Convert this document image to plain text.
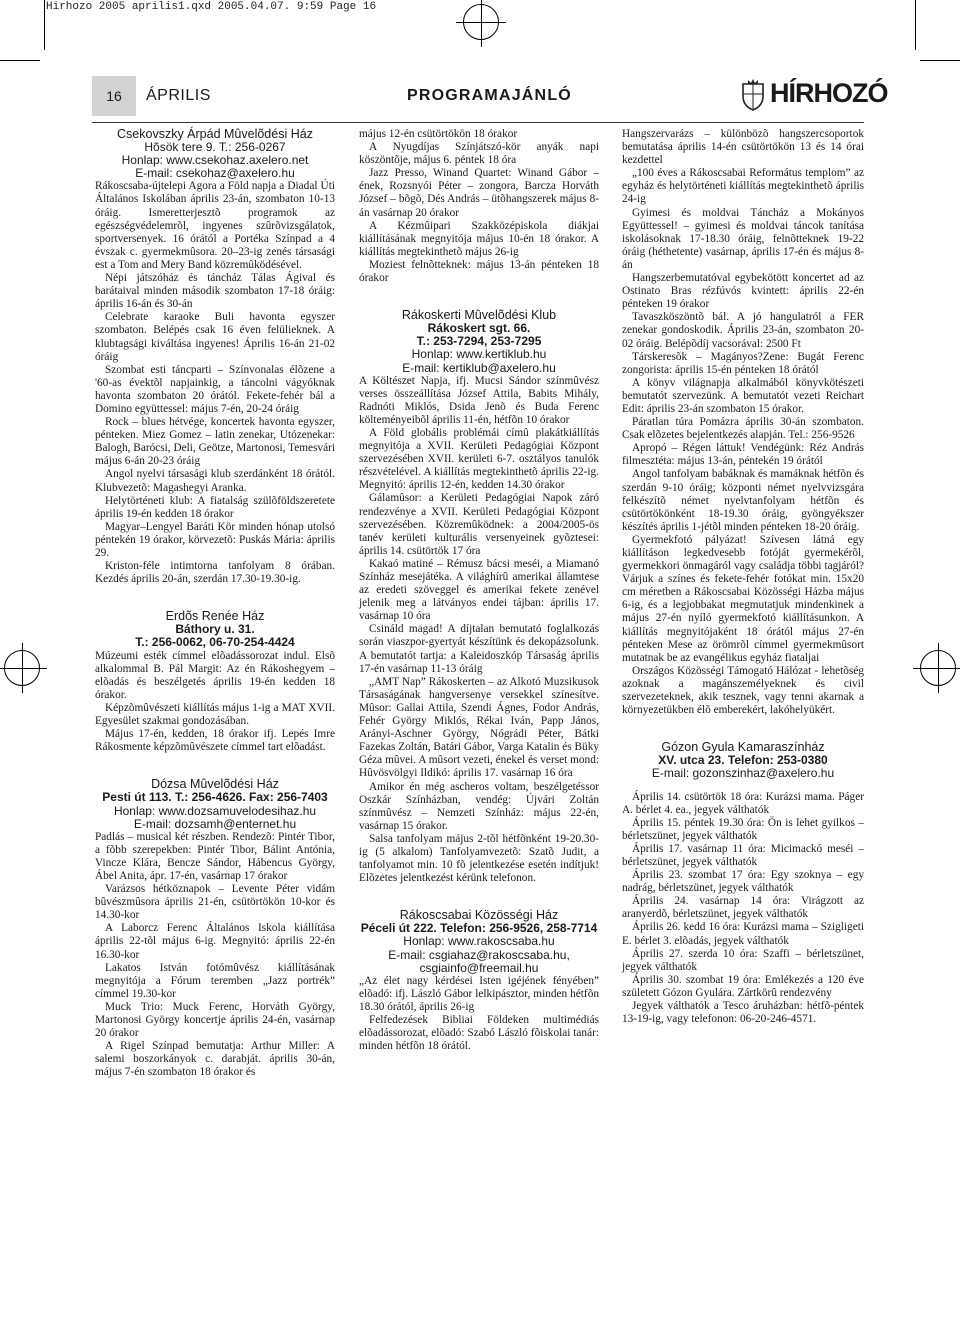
Hirhozo 2005 aprilis1.qxd 2005.04.07. 9:59 Page 16
16	ÁPRILIS	PROGRAMAJÁNLÓ	HÍRHOZÓ
Csekovszky Árpád Mûvelõdési Ház
Hõsök tere 9. T.: 256-0267
Honlap: www.csekohaz.axelero.net
E-mail: csekohaz@axelero.hu

Rákoscsaba-újtelepi Agora a Föld napja a Diadal Úti Általános Iskolában április 23-án, szombaton 10-13 óráig. Ismeretterjesztõ programok az egészségvédelemrõl, ingyenes szûrõvizsgálatok, sportversenyek. 16 órától a Portéka Színpad a 4 évszak c. gyermekmûsora. 20–23-ig zenés társasági est a Tom and Mery Band közremûködésével.

Népi játszóház és táncház Tálas Ágival és barátaival minden második szombaton 17-18 óráig: április 16-án és 30-án

Celebrate karaoke Buli havonta egyszer szombaton. Belépés csak 16 éven felülieknek. A klubtagsági kiváltása ingyenes! Április 16-án 21-02 óráig

Szombat esti táncparti – Színvonalas élõzene a '60-as évektõl napjainkig, a táncolni vágyóknak havonta szombaton 20 órától. Fekete-fehér bál a Domino együttessel: május 7-én, 20-24 óráig

Rock – blues hétvége, koncertek havonta egyszer, pénteken. Miez Gomez – latin zenekar, Utózenekar: Balogh, Barócsi, Deli, Geötze, Martonosi, Temesvári május 6-án 20-23 óráig

Angol nyelvi társasági klub szerdánként 18 órától. Klubvezetõ: Magashegyi Aranka.

Helytörténeti klub: A fiatalság szülõföldszeretete április 19-én kedden 18 órakor

Magyar–Lengyel Baráti Kör minden hónap utolsó péntekén 19 órakor, körvezetõ: Puskás Mária: április 29.

Kriston-féle intimtorna tanfolyam 8 órában. Kezdés április 20-án, szerdán 17.30-19.30-ig.

Erdõs Renée Ház
Báthory u. 31.
T.: 256-0062, 06-70-254-4424

Múzeumi esték címmel elõadássorozat indul. Elsõ alkalommal B. Pál Margit: Az én Rákoshegyem – elõadás és beszélgetés április 19-én kedden 18 órakor.

Képzõmûvészeti kiállítás május 1-ig a MAT XVII. Egyesület szakmai gondozásában.

Május 17-én, kedden, 18 órakor ifj. Lepés Imre Rákosmente képzõmûvészete címmel tart elõadást.

Dózsa Mûvelõdési Ház
Pesti út 113. T.: 256-4626. Fax: 256-7403
Honlap: www.dozsamuvelodesihaz.hu
E-mail: dozsamh@enternet.hu

Padlás – musical két részben. Rendezõ: Pintér Tibor, a fõbb szerepekben: Pintér Tibor, Bálint Antónia, Vincze Klára, Bencze Sándor, Hábencus György, Ábel Anita, ápr. 17-én, vasárnap 17 órakor

Varázsos hétköznapok – Levente Péter vidám bûvészmûsora április 21-én, csütörtökön 10-kor és 14.30-kor

A Laborcz Ferenc Általános Iskola kiállítása április 22-tõl május 6-ig. Megnyitó: április 22-én 16.30-kor

Lakatos István fotómûvész kiállításának megnyitója a Fórum teremben „Jazz portrék” címmel 19.30-kor

Muck Trio: Muck Ferenc, Horváth György, Martonosi György koncertje április 24-én, vasárnap 20 órakor

A Rigel Színpad bemutatja: Arthur Miller: A salemi boszorkányok c. darabját. április 30-án, május 7-én szombaton 18 órakor és

május 12-én csütörtökön 18 órakor

A Nyugdíjas Színjátszó-kör anyák napi köszöntõje, május 6. péntek 18 óra

Jazz Presso, Winand Quartet: Winand Gábor – ének, Rozsnyói Péter – zongora, Barcza Horváth József – bõgõ, Dés András – ütõhangszerek május 8-án vasárnap 20 órakor

A Kézmûipari Szakközépiskola diákjai kiállításának megnyitója május 10-én 18 órakor. A kiállítás megtekinthetõ május 26-ig

Moziest felnõtteknek: május 13-án pénteken 18 órakor

Rákoskerti Mûvelõdési Klub
Rákoskert sgt. 66.
T.: 253-7294, 253-7295
Honlap: www.kertiklub.hu
E-mail: kertiklub@axelero.hu

A Költészet Napja, ifj. Mucsi Sándor színmûvész verses összeállítása József Attila, Babits Mihály, Radnóti Miklós, Dsida Jenõ és Buda Ferenc költeményeibõl április 11-én, hétfõn 10 órakor

A Föld globális problémái címû plakátkiállítás megnyitója a XVII. Kerületi Pedagógiai Központ szervezésében XVII. kerületi 6-7. osztályos tanulók részvételével. A kiállítás megtekinthetõ április 22-ig. Megnyitó: április 12-én, kedden 14.30 órakor

Gálamûsor: a Kerületi Pedagógiai Napok záró rendezvénye a XVII. Kerületi Pedagógiai Központ szervezésében. Közremûködnek: a 2004/2005-ös tanév kerületi kulturális versenyeinek gyõztesei: április 14. csütörtök 17 óra

Kakaó matiné – Rémusz bácsi meséi, a Miamanó Színház mesejátéka. A világhírû amerikai államtese az eredeti szöveggel és amerikai fekete zenével jelenik meg a látványos endei tájban: április 17. vasárnap 10 óra

Csináld magad! A díjtalan bemutató foglalkozás során viaszpor-gyertyát készítünk és dekopázsolunk. A bemutatót tartja: a Kaleidoszkóp Társaság április 17-én vasárnap 11-13 óráig

„AMT Nap” Rákoskerten – az Alkotó Muzsikusok Társaságának hangversenye versekkel színesítve. Mûsor: Gallai Attila, Szendi Ágnes, Fodor András, Fehér György Miklós, Rékai Iván, Papp János, Arányi-Aschner György, Nógrádi Péter, Bátki Fazekas Zoltán, Batári Gábor, Varga Katalin és Büky Géza mûvei. A mûsort vezeti, énekel és verset mond: Hûvösvölgyi Ildikó: április 17. vasárnap 16 óra

Amikor én még ascheros voltam, beszélgetéssor Oszkár Színházban, vendég: Újvári Zoltán színmûvész – Nemzeti Színház: május 22-én, vasárnap 15 órakor.

Salsa tanfolyam május 2-tõl hétfõnként 19-20.30-ig (5 alkalom) Tanfolyamvezetõ: Szatõ Judit, a tanfolyamot min. 10 fõ jelentkezése esetén indítjuk! Elõzetes jelentkezést kérünk telefonon.

Rákoscsabai Közösségi Ház
Péceli út 222. Telefon: 256-9526, 258-7714
Honlap: www.rakoscsaba.hu
E-mail: csgiahaz@rakoscsaba.hu,
csgiainfo@freemail.hu

„Az élet nagy kérdései Isten igéjének fényében” elõadó: ifj. László Gábor lelkipásztor, minden hétfõn 18.30 órától, április 26-ig

Felfedezések Bibliai Földeken multimédiás elõadássorozat, elõadó: Szabó László fõiskolai tanár: minden hétfõn 18 órától.

Hangszervarázs – különbözõ hangszercsoportok bemutatása április 14-én csütörtökön 13 és 14 órai kezdettel

„100 éves a Rákoscsabai Református templom” az egyház és helytörténeti kiállítás megtekinthetõ április 24-ig

Gyimesi és moldvai Táncház a Mokányos Együttessel! – gyimesi és moldvai táncok tanítása iskolásoknak 17-18.30 óráig, felnõtteknek 19-22 óráig (héthetente) vasárnap, április 17-én és május 8-án

Hangszerbemutatóval egybekötött koncertet ad az Ostinato Bras rézfúvós kvintett: április 22-én pénteken 19 órakor

Tavaszköszöntõ bál. A jó hangulatról a FER zenekar gondoskodik. Április 23-án, szombaton 20-02 óráig. Belépõdíj vacsorával: 2500 Ft

Társkeresõk – Magányos?Zene: Bugát Ferenc zongorista: április 15-én pénteken 18 órától

A könyv világnapja alkalmából könyvkötészeti bemutatót szervezünk. A bemutatót vezeti Reichart Edit: április 23-án szombaton 15 órakor.

Páratlan túra Pomázra április 30-án szombaton. Csak elõzetes bejelentkezés alapján. Tel.: 256-9526

Apropó – Régen láttuk! Vendégünk: Réz András filmesztéta: május 13-án, péntekén 19 órától

Angol tanfolyam babáknak és mamáknak hétfõn és szerdán 9-10 óráig; központi német nyelvvizsgára felkészítõ német nyelvtanfolyam hétfõn és csütörtökönként 18-19.30 óráig, gyöngyékszer készítés április 1-jétõl minden pénteken 18-20 óráig.

Gyermekfotó pályázat! Szívesen látná egy kiállításon legkedvesebb fotóját gyermekérõl, gyermekkori önmagáról vagy családja többi tagjáról? Várjuk a színes és fekete-fehér fotókat min. 15x20 cm méretben a Rákoscsabai Közösségi Házba május 6-ig, és a legjobbakat megmutatjuk mindenkinek a május 27-én nyíló gyermekfotó kiállításunkon. A kiállítás megnyitójaként 18 órától május 27-én pénteken Mese az örömrõl címmel gyermekmûsort mutatnak be az evangélikus egyház fiataljai

Országos Közösségi Támogató Hálózat - lehetõség azoknak a magánszemélyeknek és civil szervezeteknek, akik tesznek, vagy tenni akarnak a környezetükben élõ emberekért, lakóhelyükért.

Gózon Gyula Kamaraszínház
XV. utca 23. Telefon: 253-0380
E-mail: gozonszinhaz@axelero.hu

Április 14. csütörtök 18 óra: Kurázsi mama. Páger A. bérlet 4. ea., jegyek válthatók

Április 15. péntek 19.30 óra: Ön is lehet gyilkos – bérletszünet, jegyek válthatók

Április 17. vasárnap 11 óra: Micimackó meséi – bérletszünet, jegyek válthatók

Április 23. szombat 17 óra: Egy szoknya – egy nadrág, bérletszünet, jegyek válthatók

Április 24. vasárnap 14 óra: Virágzott az aranyerdõ, bérletszünet, jegyek válthatók

Április 26. kedd 16 óra: Kurázsi mama – Szigligeti E. bérlet 3. elõadás, jegyek válthatók

Április 27. szerda 10 óra: Szaffi – bérletszünet, jegyek válthatók

Április 30. szombat 19 óra: Emlékezés a 120 éve született Gózon Gyulára. Zártkörû rendezvény

Jegyek válthatók a Tesco áruházban: hétfõ-péntek 13-19-ig, vagy telefonon: 06-20-246-4571.
